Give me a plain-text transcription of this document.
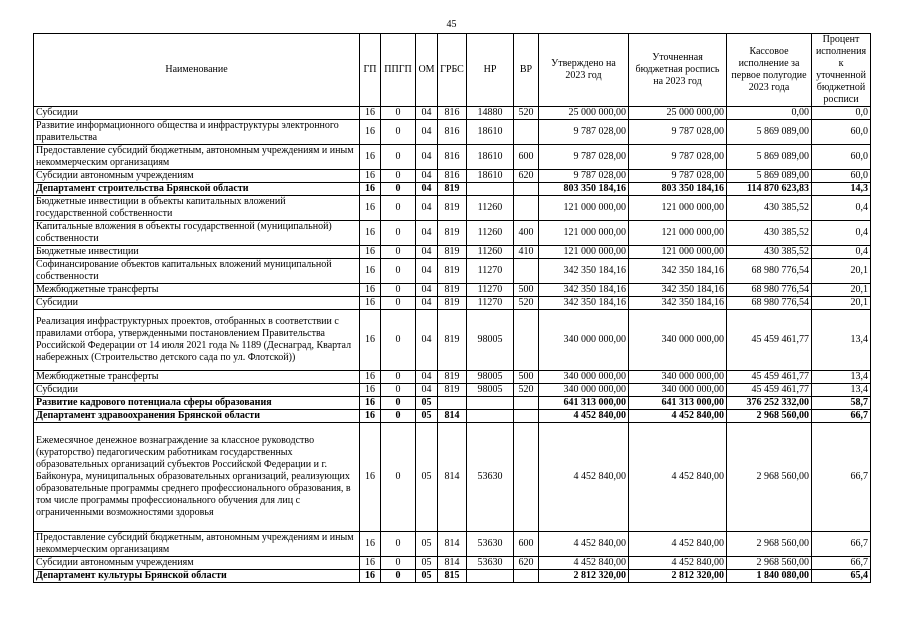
45
Наименование	ГП	ППГП	ОМ	ГРБС	НР	ВР	Утверждено на 2023 год	Уточненная бюджетная роспись на 2023 год	Кассовое исполнение за первое полугодие 2023 года	Процент исполнения к уточненной бюджетной росписи
Субсидии	16	0	04	816	14880	520	25 000 000,00	25 000 000,00	0,00	0,0
Развитие информационного общества и инфраструктуры электронного правительства	16	0	04	816	18610		9 787 028,00	9 787 028,00	5 869 089,00	60,0
Предоставление субсидий бюджетным, автономным учреждениям и иным некоммерческим организациям	16	0	04	816	18610	600	9 787 028,00	9 787 028,00	5 869 089,00	60,0
Субсидии автономным учреждениям	16	0	04	816	18610	620	9 787 028,00	9 787 028,00	5 869 089,00	60,0
Департамент строительства Брянской области	16	0	04	819			803 350 184,16	803 350 184,16	114 870 623,83	14,3
Бюджетные инвестиции в объекты капитальных вложений государственной собственности	16	0	04	819	11260		121 000 000,00	121 000 000,00	430 385,52	0,4
Капитальные вложения в объекты государственной (муниципальной) собственности	16	0	04	819	11260	400	121 000 000,00	121 000 000,00	430 385,52	0,4
Бюджетные инвестиции	16	0	04	819	11260	410	121 000 000,00	121 000 000,00	430 385,52	0,4
Софинансирование объектов капитальных вложений муниципальной собственности	16	0	04	819	11270		342 350 184,16	342 350 184,16	68 980 776,54	20,1
Межбюджетные трансферты	16	0	04	819	11270	500	342 350 184,16	342 350 184,16	68 980 776,54	20,1
Субсидии	16	0	04	819	11270	520	342 350 184,16	342 350 184,16	68 980 776,54	20,1
Реализация инфраструктурных проектов, отобранных в соответствии с правилами отбора, утвержденными постановлением Правительства Российской Федерации от 14 июля 2021 года № 1189 (Деснаград, Квартал набережных (Строительство детского сада по ул. Флотской))	16	0	04	819	98005		340 000 000,00	340 000 000,00	45 459 461,77	13,4
Межбюджетные трансферты	16	0	04	819	98005	500	340 000 000,00	340 000 000,00	45 459 461,77	13,4
Субсидии	16	0	04	819	98005	520	340 000 000,00	340 000 000,00	45 459 461,77	13,4
Развитие кадрового потенциала сферы образования	16	0	05				641 313 000,00	641 313 000,00	376 252 332,00	58,7
Департамент здравоохранения Брянской области	16	0	05	814			4 452 840,00	4 452 840,00	2 968 560,00	66,7
Ежемесячное денежное вознаграждение за классное руководство (кураторство) педагогическим работникам государственных образовательных организаций субъектов Российской Федерации и г. Байконура, муниципальных образовательных организаций, реализующих образовательные программы среднего профессионального образования, в том числе программы профессионального обучения для лиц с ограниченными возможностями здоровья	16	0	05	814	53630		4 452 840,00	4 452 840,00	2 968 560,00	66,7
Предоставление субсидий бюджетным, автономным учреждениям и иным некоммерческим организациям	16	0	05	814	53630	600	4 452 840,00	4 452 840,00	2 968 560,00	66,7
Субсидии автономным учреждениям	16	0	05	814	53630	620	4 452 840,00	4 452 840,00	2 968 560,00	66,7
Департамент культуры Брянской области	16	0	05	815			2 812 320,00	2 812 320,00	1 840 080,00	65,4
